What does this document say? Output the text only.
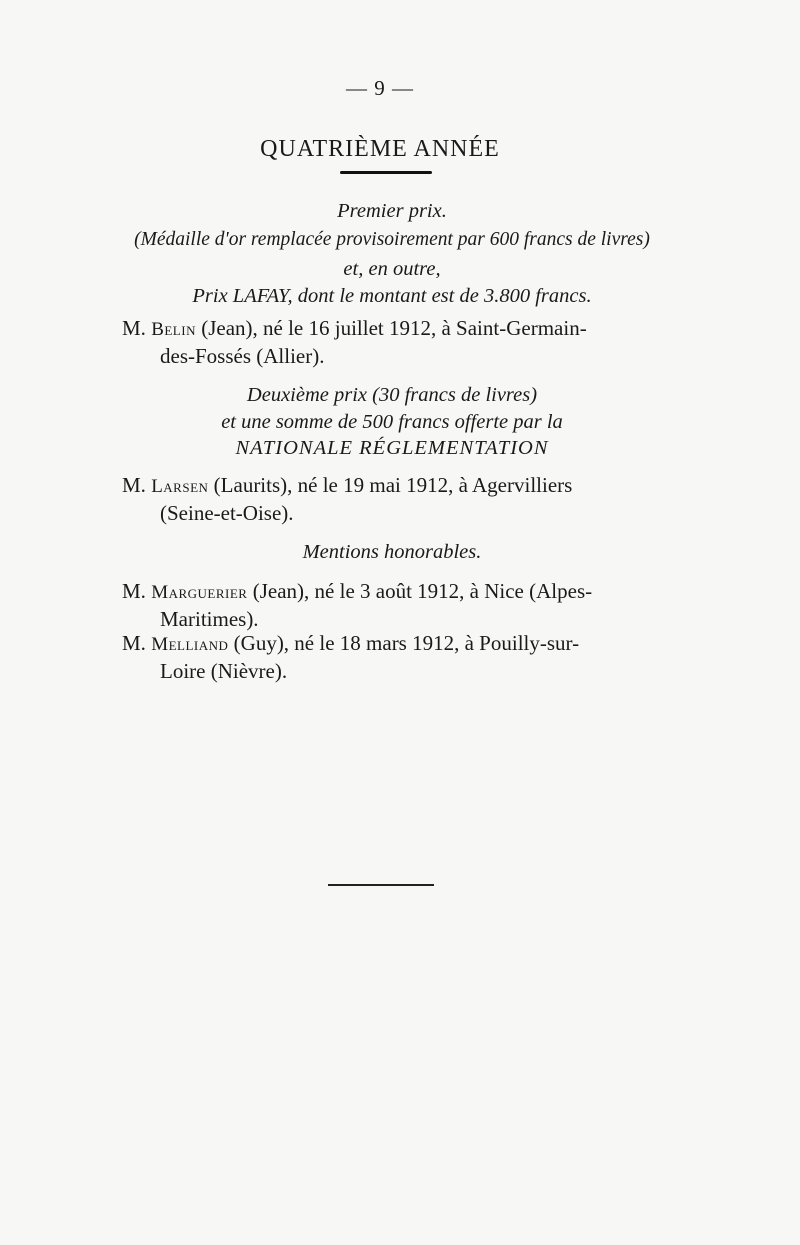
— 9 —
QUATRIÈME ANNÉE
Premier prix.
(Médaille d'or remplacée provisoirement par 600 francs de livres)
et, en outre,
Prix LAFAY, dont le montant est de 3.800 francs.
M. Belin (Jean), né le 16 juillet 1912, à Saint-Germain-
des-Fossés (Allier).
Deuxième prix (30 francs de livres)
et une somme de 500 francs offerte par la
NATIONALE RÉGLEMENTATION
M. Larsen (Laurits), né le 19 mai 1912, à Agervilliers
(Seine-et-Oise).
Mentions honorables.
M. Marguerier (Jean), né le 3 août 1912, à Nice (Alpes-
Maritimes).
M. Melliand (Guy), né le 18 mars 1912, à Pouilly-sur-
Loire (Nièvre).
